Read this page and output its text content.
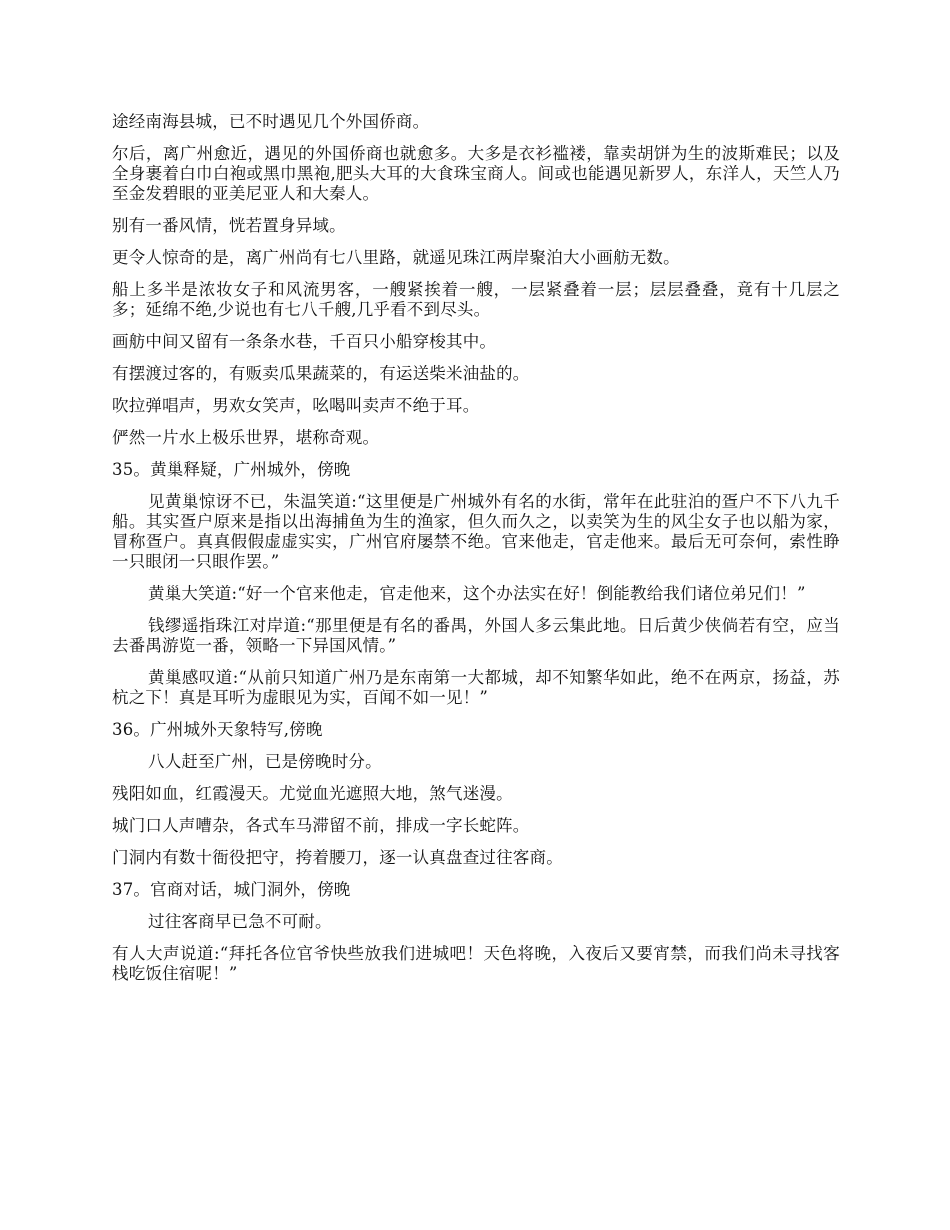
途经南海县城，已不时遇见几个外国侨商。

尔后，离广州愈近，遇见的外国侨商也就愈多。大多是衣衫褴褛，靠卖胡饼为生的波斯难民；以及全身裹着白巾白袍或黑巾黑袍,肥头大耳的大食珠宝商人。间或也能遇见新罗人，东洋人，天竺人乃至金发碧眼的亚美尼亚人和大秦人。

别有一番风情，恍若置身异域。

更令人惊奇的是，离广州尚有七八里路，就遥见珠江两岸聚泊大小画舫无数。

船上多半是浓妆女子和风流男客，一艘紧挨着一艘，一层紧叠着一层；层层叠叠，竟有十几层之多；延绵不绝,少说也有七八千艘,几乎看不到尽头。

画舫中间又留有一条条水巷，千百只小船穿梭其中。

有摆渡过客的，有贩卖瓜果蔬菜的，有运送柴米油盐的。

吹拉弹唱声，男欢女笑声，吆喝叫卖声不绝于耳。

俨然一片水上极乐世界，堪称奇观。

35。黄巢释疑，广州城外，傍晚

见黄巢惊讶不已，朱温笑道:“这里便是广州城外有名的水街，常年在此驻泊的疍户不下八九千船。其实疍户原来是指以出海捕鱼为生的渔家，但久而久之，以卖笑为生的风尘女子也以船为家，冒称疍户。真真假假虚虚实实，广州官府屡禁不绝。官来他走，官走他来。最后无可奈何，索性睁一只眼闭一只眼作罢。”

黄巢大笑道:“好一个官来他走，官走他来，这个办法实在好！倒能教给我们诸位弟兄们！”

钱缪遥指珠江对岸道:“那里便是有名的番禺，外国人多云集此地。日后黄少侠倘若有空，应当去番禺游览一番，领略一下异国风情。”

黄巢感叹道:“从前只知道广州乃是东南第一大都城，却不知繁华如此，绝不在两京，扬益，苏杭之下！真是耳听为虚眼见为实，百闻不如一见！”

36。广州城外天象特写,傍晚

八人赶至广州，已是傍晚时分。

残阳如血，红霞漫天。尤觉血光遮照大地，煞气迷漫。

城门口人声嘈杂，各式车马滞留不前，排成一字长蛇阵。

门洞内有数十衙役把守，挎着腰刀，逐一认真盘查过往客商。

37。官商对话，城门洞外，傍晚

过往客商早已急不可耐。

有人大声说道:“拜托各位官爷快些放我们进城吧！天色将晚，入夜后又要宵禁，而我们尚未寻找客栈吃饭住宿呢！”
